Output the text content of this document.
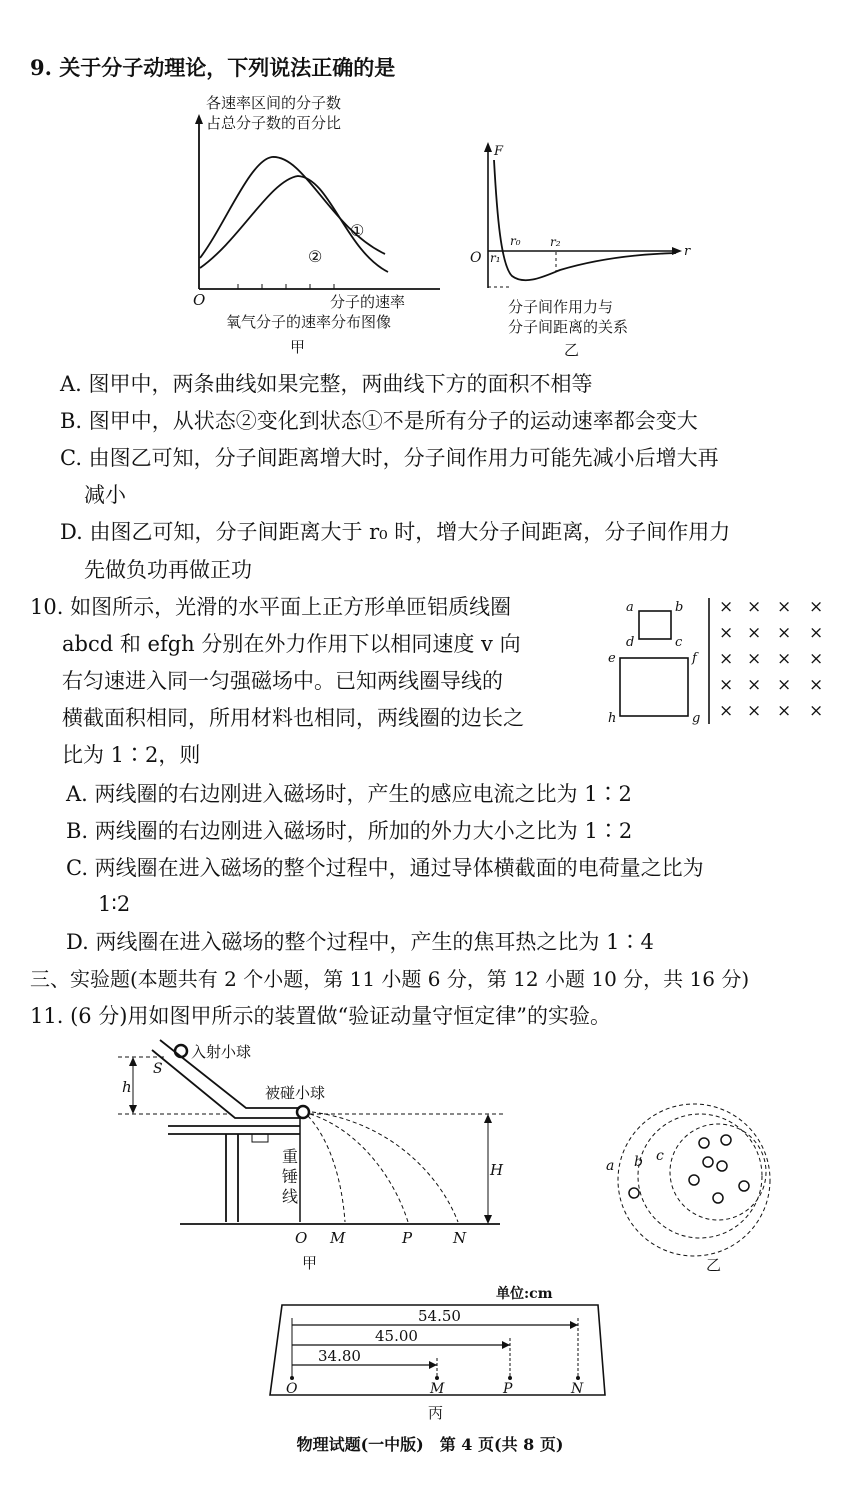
9. 关于分子动理论，下列说法正确的是
各速率区间的分子数
占总分子数的百分比
①
②
O	分子的速率
氧气分子的速率分布图像
甲
F
r
O
r₀
r₁
r₂
分子间作用力与
分子间距离的关系
乙
A. 图甲中，两条曲线如果完整，两曲线下方的面积不相等
B. 图甲中，从状态②变化到状态①不是所有分子的运动速率都会变大
C. 由图乙可知，分子间距离增大时，分子间作用力可能先减小后增大再
减小
D. 由图乙可知，分子间距离大于 r₀ 时，增大分子间距离，分子间作用力
先做负功再做正功
10. 如图所示，光滑的水平面上正方形单匝铝质线圈
abcd 和 efgh 分别在外力作用下以相同速度 v 向
右匀速进入同一匀强磁场中。已知两线圈导线的
横截面积相同，所用材料也相同，两线圈的边长之
比为 1∶2，则
a	b
c
d
e	f
g
h
× × × ×
× × × ×
× × × ×
× × × ×
× × × ×
A. 两线圈的右边刚进入磁场时，产生的感应电流之比为 1∶2
B. 两线圈的右边刚进入磁场时，所加的外力大小之比为 1∶2
C. 两线圈在进入磁场的整个过程中，通过导体横截面的电荷量之比为
1∶2
D. 两线圈在进入磁场的整个过程中，产生的焦耳热之比为 1∶4
三、实验题(本题共有 2 个小题，第 11 小题 6 分，第 12 小题 10 分，共 16 分)
11. (6 分)用如图甲所示的装置做“验证动量守恒定律”的实验。
h
入射小球
S
被碰小球
重
锤
线
H
O M	P	N
甲
a b c
乙
单位:cm
54.50
45.00
34.80
O	M	P	N
丙
物理试题(一中版)　第 4 页(共 8 页)
